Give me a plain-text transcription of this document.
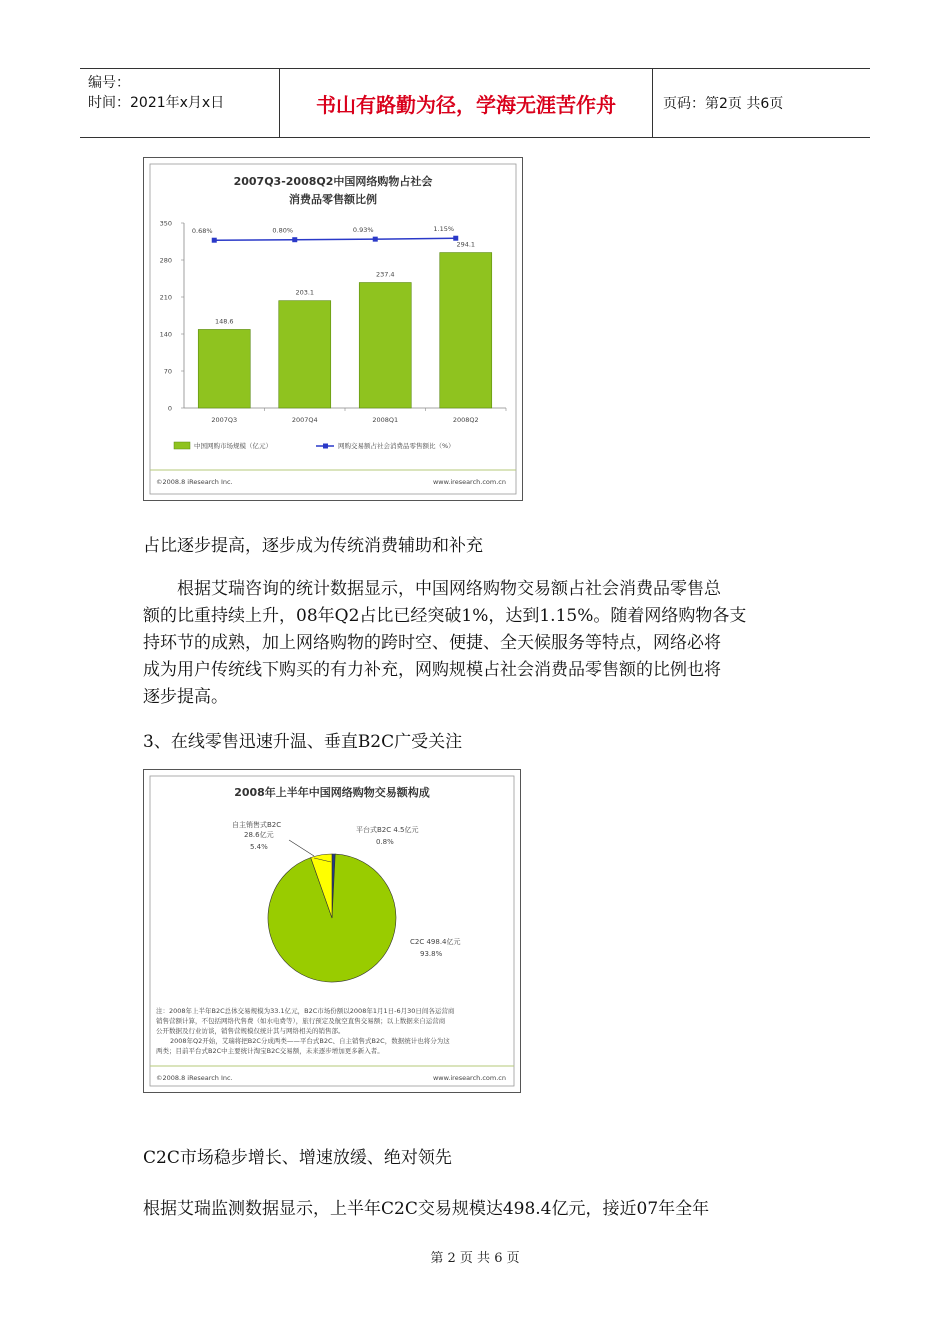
编号：
时间：2021年x月x日	书山有路勤为径，学海无涯苦作舟	页码：第2页 共6页
2007Q3-2008Q2中国网络购物占社会
消费品零售额比例
0
70
140
210
280
350
148.6
203.1
237.4
294.1
0.68%	0.80%	0.93%	1.15%
2007Q3	2007Q4	2008Q1	2008Q2
中国网购市场规模（亿元）	网购交易额占社会消费品零售额比（%）
©2008.8 iResearch Inc.	www.iresearch.com.cn

占比逐步提高，逐步成为传统消费辅助和补充

根据艾瑞咨询的统计数据显示，中国网络购物交易额占社会消费品零售总
额的比重持续上升，08年Q2占比已经突破1%，达到1.15%。随着网络购物各支
持环节的成熟，加上网络购物的跨时空、便捷、全天候服务等特点，网络必将
成为用户传统线下购买的有力补充，网购规模占社会消费品零售额的比例也将
逐步提高。

3、在线零售迅速升温、垂直B2C广受关注

2008年上半年中国网络购物交易额构成
自主销售式B2C
28.6亿元
5.4%
平台式B2C 4.5亿元
0.8%
C2C 498.4亿元
93.8%
注：2008年上半年B2C总体交易规模为33.1亿元，B2C市场份额以2008年1月1日-6月30日间各运营商
销售营额计算，不包括网络代售费（如水电费等），旅行预定及航空直售交易额；以上数据来自运营商
公开数据及行业访谈，销售营规模仅统计其与网络相关的销售部。
2008年Q2开始，艾瑞将把B2C分成两类——平台式B2C、自主销售式B2C，数据统计也将分为这
两类；目前平台式B2C中主要统计淘宝B2C交易额，未来逐步增加更多新入者。
©2008.8 iResearch Inc.	www.iresearch.com.cn

C2C市场稳步增长、增速放缓、绝对领先

根据艾瑞监测数据显示，上半年C2C交易规模达498.4亿元，接近07年全年

第 2 页 共 6 页
